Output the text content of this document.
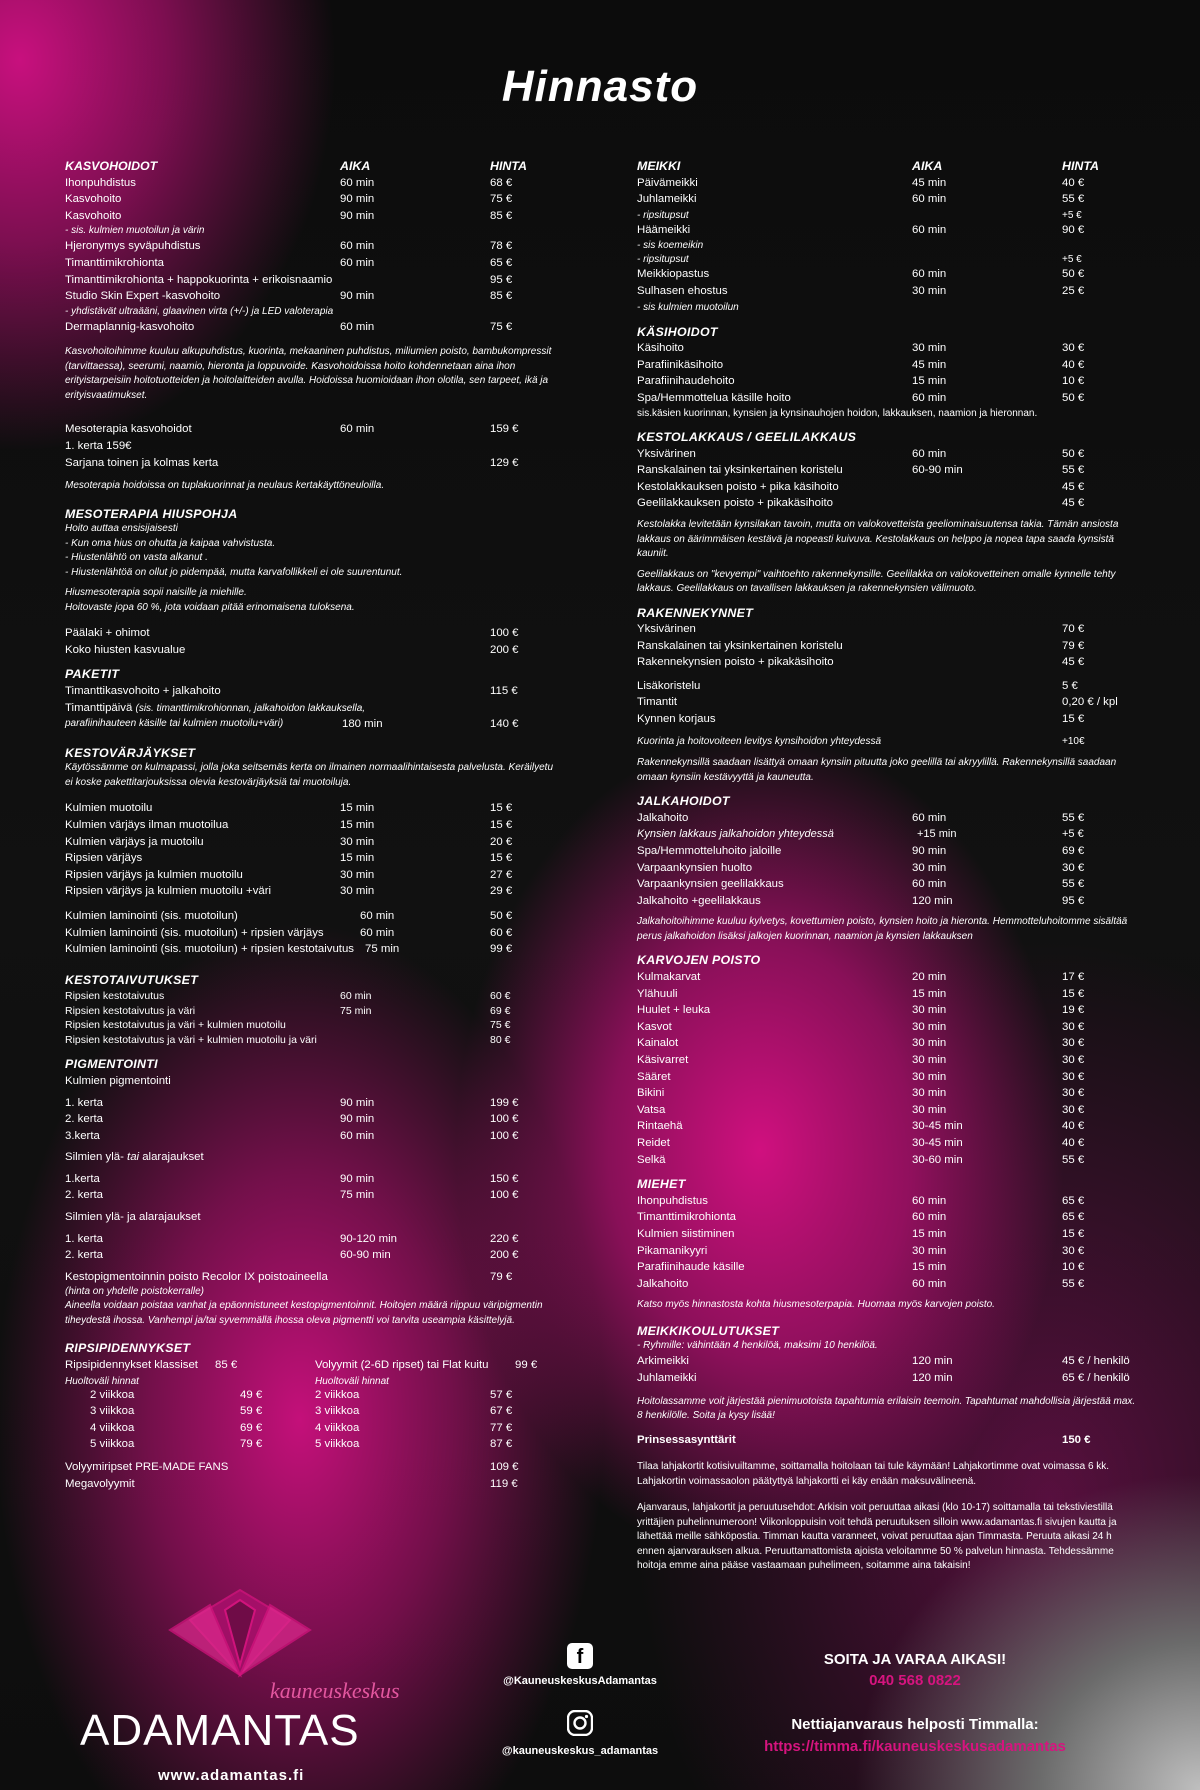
Hinnasto
KASVOHOIDOT	AIKA	HINTA
Ihonpuhdistus	60 min	68 €
Kasvohoito	90 min	75 €
Kasvohoito	90 min	85 €
- sis. kulmien muotoilun ja värin
Hjeronymys syväpuhdistus	60 min	78 €
Timanttimikrohionta	60 min	65 €
Timanttimikrohionta + happokuorinta + erikoisnaamio	95 €
Studio Skin Expert -kasvohoito	90 min	85 €
- yhdistävät ultraääni, glaavinen virta (+/-) ja LED valoterapia
Dermaplannig-kasvohoito	60 min	75 €
Kasvohoitoihimme kuuluu alkupuhdistus, kuorinta, mekaaninen puhdistus, miliumien poisto, bambukompressit (tarvittaessa), seerumi, naamio, hieronta ja loppuvoide. Kasvohoidoissa hoito kohdennetaan aina ihon erityistarpeisiin hoitotuotteiden ja hoitolaitteiden avulla. Hoidoissa huomioidaan ihon olotila, sen tarpeet, ikä ja erityisvaatimukset.
Mesoterapia kasvohoidot	60 min	159 €
1. kerta 159€
Sarjana toinen ja kolmas kerta	129 €
Mesoterapia hoidoissa on tuplakuorinnat ja neulaus kertakäyttöneuloilla.
MESOTERAPIA HIUSPOHJA
Hoito auttaa ensisijaisesti
- Kun oma hius on ohutta ja kaipaa vahvistusta.
- Hiustenlähtö on vasta alkanut .
- Hiustenlähtöä on ollut jo pidempää, mutta karvafollikkeli ei ole suurentunut.
Hiusmesoterapia sopii naisille ja miehille.
Hoitovaste jopa 60 %, jota voidaan pitää erinomaisena tuloksena.
Päälaki + ohimot	100 €
Koko hiusten kasvualue	200 €
PAKETIT
Timanttikasvohoito + jalkahoito	115 €
Timanttipäivä (sis. timanttimikrohionnan, jalkahoidon lakkauksella,
parafiinihauteen käsille tai kulmien muotoilu+väri)	180 min	140 €
KESTOVÄRJÄYKSET
Käytössämme on kulmapassi, jolla joka seitsemäs kerta on ilmainen normaalihintaisesta palvelusta. Keräilyetu ei koske pakettitarjouksissa olevia kestovärjäyksiä tai muotoiluja.
Kulmien muotoilu	15 min	15 €
Kulmien värjäys ilman muotoilua	15 min	15 €
Kulmien värjäys ja muotoilu	30 min	20 €
Ripsien värjäys	15 min	15 €
Ripsien värjäys ja kulmien muotoilu	30 min	27 €
Ripsien värjäys ja kulmien muotoilu +väri	30 min	29 €
Kulmien laminointi (sis. muotoilun)	60 min	50 €
Kulmien laminointi (sis. muotoilun) + ripsien värjäys	60 min	60 €
Kulmien laminointi (sis. muotoilun) + ripsien kestotaivutus 75 min	99 €
KESTOTAIVUTUKSET
Ripsien kestotaivutus	60 min	60 €
Ripsien kestotaivutus ja väri	75 min	69 €
Ripsien kestotaivutus ja väri + kulmien muotoilu	75 €
Ripsien kestotaivutus ja väri + kulmien muotoilu ja väri	80 €
PIGMENTOINTI
Kulmien pigmentointi
1. kerta	90 min	199 €
2. kerta	90 min	100 €
3.kerta	60 min	100 €
Silmien ylä- tai alarajaukset
1.kerta	90 min	150 €
2. kerta	75 min	100 €
Silmien ylä- ja alarajaukset
1. kerta	90-120 min	220 €
2. kerta	60-90 min	200 €
Kestopigmentoinnin poisto Recolor IX poistoaineella	79 €
(hinta on yhdelle poistokerralle)
Aineella voidaan poistaa vanhat ja epäonnistuneet kestopigmentoinnit. Hoitojen määrä riippuu väripigmentin tiheydestä ihossa. Vanhempi ja/tai syvemmällä ihossa oleva pigmentti voi tarvita useampia käsittelyjä.
RIPSIPIDENNYKSET
Ripsipidennykset klassiset 85 €	Volyymit (2-6D ripset) tai Flat kuitu 99 €
Huoltoväli hinnat	Huoltoväli hinnat
2 viikkoa	49 €	2 viikkoa	57 €
3 viikkoa	59 €	3 viikkoa	67 €
4 viikkoa	69 €	4 viikkoa	77 €
5 viikkoa	79 €	5 viikkoa	87 €
Volyymiripset PRE-MADE FANS	109 €
Megavolyymit	119 €
MEIKKI	AIKA	HINTA
Päivämeikki	45 min	40 €
Juhlameikki	60 min	55 €
- ripsitupsut	+5 €
Häämeikki	60 min	90 €
- sis koemeikin
- ripsitupsut	+5 €
Meikkiopastus	60 min	50 €
Sulhasen ehostus	30 min	25 €
- sis kulmien muotoilun
KÄSIHOIDOT
Käsihoito	30 min	30 €
Parafiinikäsihoito	45 min	40 €
Parafiinihaudehoito	15 min	10 €
Spa/Hemmotteluа käsille hoito	60 min	50 €
sis.käsien kuorinnan, kynsien ja kynsinauhojen hoidon, lakkauksen, naamion ja hieronnan.
KESTOLAKKAUS / GEELILAKKAUS
Yksivärinen	60 min	50 €
Ranskalainen tai yksinkertainen koristelu	60-90 min	55 €
Kestolakkauksen poisto + pika käsihoito	45 €
Geelilakkauksen poisto + pikakäsihoito	45 €
Kestolakka levitetään kynsilakan tavoin, mutta on valokovetteista geeliominaisuutensa takia. Tämän ansiosta lakkaus on äärimmäisen kestävä ja nopeasti kuivuva. Kestolakkaus on helppo ja nopea tapa saada kynsistä kauniit.
Geelilakkaus on "kevyempi" vaihtoehto rakennekynsille. Geelilakka on valokovetteinen omalle kynnelle tehty lakkaus. Geelilakkaus on tavallisen lakkauksen ja rakennekynsien välimuoto.
RAKENNEKYNNET
Yksivärinen	70 €
Ranskalainen tai yksinkertainen koristelu	79 €
Rakennekynsien poisto + pikakäsihoito	45 €
Lisäkoristelu	5 €
Timantit	0,20 € / kpl
Kynnen korjaus	15 €
Kuorinta ja hoitovoiteen levitys kynsihoidon yhteydessä	+10€
Rakennekynsillä saadaan lisättyä omaan kynsiin pituutta joko geelillä tai akryylillä. Rakennekynsillä saadaan omaan kynsiin kestävyyttä ja kauneutta.
JALKAHOIDOT
Jalkahoito	60 min	55 €
Kynsien lakkaus jalkahoidon yhteydessä	+15 min	+5 €
Spa/Hemmotteluhoito jaloille	90 min	69 €
Varpaankynsien huolto	30 min	30 €
Varpaankynsien geelilakkaus	60 min	55 €
Jalkahoito +geelilakkaus	120 min	95 €
Jalkahoitoihimme kuuluu kylvetys, kovettumien poisto, kynsien hoito ja hieronta. Hemmotteluhoitomme sisältää perus jalkahoidon lisäksi jalkojen kuorinnan, naamion ja kynsien lakkauksen
KARVOJEN POISTO
Kulmakarvat	20 min	17 €
Ylähuuli	15 min	15 €
Huulet + leuka	30 min	19 €
Kasvot	30 min	30 €
Kainalot	30 min	30 €
Käsivarret	30 min	30 €
Sääret	30 min	30 €
Bikini	30 min	30 €
Vatsa	30 min	30 €
Rintaehä	30-45 min	40 €
Reidet	30-45 min	40 €
Selkä	30-60 min	55 €
MIEHET
Ihonpuhdistus	60 min	65 €
Timanttimikrohionta	60 min	65 €
Kulmien siistiminen	15 min	15 €
Pikamanikyyri	30 min	30 €
Parafiinihaude käsille	15 min	10 €
Jalkahoito	60 min	55 €
Katso myös hinnastosta kohta hiusmesoterpapia. Huomaa myös karvojen poisto.
MEIKKIKOULUTUKSET
- Ryhmille: vähintään 4 henkilöä, maksimi 10 henkilöä.
Arkimeikki	120 min	45 € / henkilö
Juhlameikki	120 min	65 € / henkilö
Hoitolassamme voit järjestää pienimuotoista tapahtumia erilaisin teemoin. Tapahtumat mahdollisia järjestää max. 8 henkilölle. Soita ja kysy lisää!
Prinsessasynttärit	150 €
Tilaa lahjakortit kotisivuiltamme, soittamalla hoitolaan tai tule käymään! Lahjakortimme ovat voimassa 6 kk. Lahjakortin voimassaolon päätyttyä lahjakortti ei käy enään maksuvälineenä.
Ajanvaraus, lahjakortit ja peruutusehdot: Arkisin voit peruuttaa aikasi (klo 10-17) soittamalla tai tekstiviestillä yrittäjien puhelinnumeroon! Viikonloppuisin voit tehdä peruutuksen silloin www.adamantas.fi sivujen kautta ja lähettää meille sähköpostia. Timman kautta varanneet, voivat peruuttaa ajan Timmasta. Peruuta aikasi 24 h ennen ajanvarauksen alkua. Peruuttamattomista ajoista veloitamme 50 % palvelun hinnasta. Tehdessämme hoitoja emme aina pääse vastaamaan puhelimeen, soitamme aina takaisin!
kauneuskeskus
ADAMANTAS
www.adamantas.fi
f
@KauneuskeskusAdamantas
@kauneuskeskus_adamantas
SOITA JA VARAA AIKASI!
040 568 0822
Nettiajanvaraus helposti Timmalla:
https://timma.fi/kauneuskeskusadamantas
